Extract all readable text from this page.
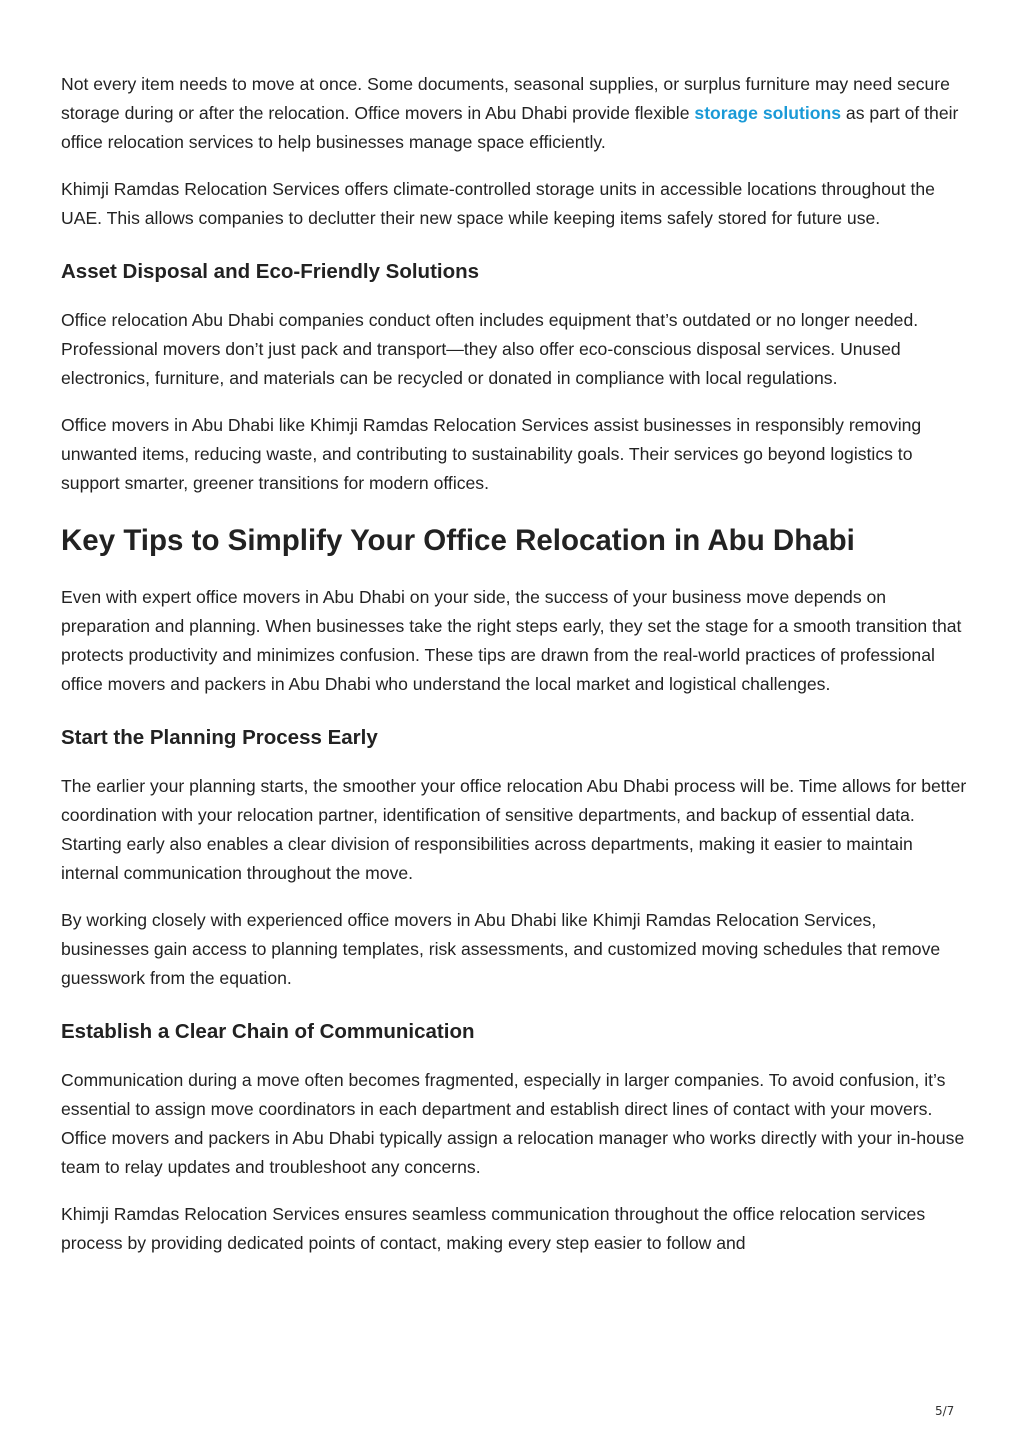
Not every item needs to move at once. Some documents, seasonal supplies, or surplus furniture may need secure storage during or after the relocation. Office movers in Abu Dhabi provide flexible storage solutions as part of their office relocation services to help businesses manage space efficiently.

Khimji Ramdas Relocation Services offers climate-controlled storage units in accessible locations throughout the UAE. This allows companies to declutter their new space while keeping items safely stored for future use.

Asset Disposal and Eco-Friendly Solutions

Office relocation Abu Dhabi companies conduct often includes equipment that’s outdated or no longer needed. Professional movers don’t just pack and transport—they also offer eco-conscious disposal services. Unused electronics, furniture, and materials can be recycled or donated in compliance with local regulations.

Office movers in Abu Dhabi like Khimji Ramdas Relocation Services assist businesses in responsibly removing unwanted items, reducing waste, and contributing to sustainability goals. Their services go beyond logistics to support smarter, greener transitions for modern offices.

Key Tips to Simplify Your Office Relocation in Abu Dhabi

Even with expert office movers in Abu Dhabi on your side, the success of your business move depends on preparation and planning. When businesses take the right steps early, they set the stage for a smooth transition that protects productivity and minimizes confusion. These tips are drawn from the real-world practices of professional office movers and packers in Abu Dhabi who understand the local market and logistical challenges.

Start the Planning Process Early

The earlier your planning starts, the smoother your office relocation Abu Dhabi process will be. Time allows for better coordination with your relocation partner, identification of sensitive departments, and backup of essential data. Starting early also enables a clear division of responsibilities across departments, making it easier to maintain internal communication throughout the move.

By working closely with experienced office movers in Abu Dhabi like Khimji Ramdas Relocation Services, businesses gain access to planning templates, risk assessments, and customized moving schedules that remove guesswork from the equation.

Establish a Clear Chain of Communication

Communication during a move often becomes fragmented, especially in larger companies. To avoid confusion, it’s essential to assign move coordinators in each department and establish direct lines of contact with your movers. Office movers and packers in Abu Dhabi typically assign a relocation manager who works directly with your in-house team to relay updates and troubleshoot any concerns.

Khimji Ramdas Relocation Services ensures seamless communication throughout the office relocation services process by providing dedicated points of contact, making every step easier to follow and

5/7
